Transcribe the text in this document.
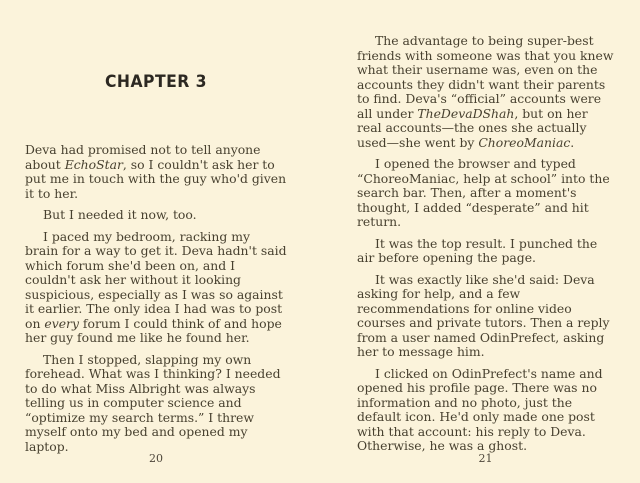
CHAPTER 3

Deva had promised not to tell anyone about EchoStar, so I couldn't ask her to put me in touch with the guy who'd given it to her.

But I needed it now, too.

I paced my bedroom, racking my brain for a way to get it. Deva hadn't said which forum she'd been on, and I couldn't ask her without it looking suspicious, especially as I was so against it earlier. The only idea I had was to post on every forum I could think of and hope her guy found me like he found her.

Then I stopped, slapping my own forehead. What was I thinking? I needed to do what Miss Albright was always telling us in computer science and “optimize my search terms.” I threw myself onto my bed and opened my laptop.

20

The advantage to being super-best friends with someone was that you knew what their username was, even on the accounts they didn't want their parents to find. Deva's “official” accounts were all under TheDevaDShah, but on her real accounts—the ones she actually used—she went by ChoreoManiac.

I opened the browser and typed “ChoreoManiac, help at school” into the search bar. Then, after a moment's thought, I added “desperate” and hit return.

It was the top result. I punched the air before opening the page.

It was exactly like she'd said: Deva asking for help, and a few recommendations for online video courses and private tutors. Then a reply from a user named OdinPrefect, asking her to message him.

I clicked on OdinPrefect's name and opened his profile page. There was no information and no photo, just the default icon. He'd only made one post with that account: his reply to Deva. Otherwise, he was a ghost.

21
